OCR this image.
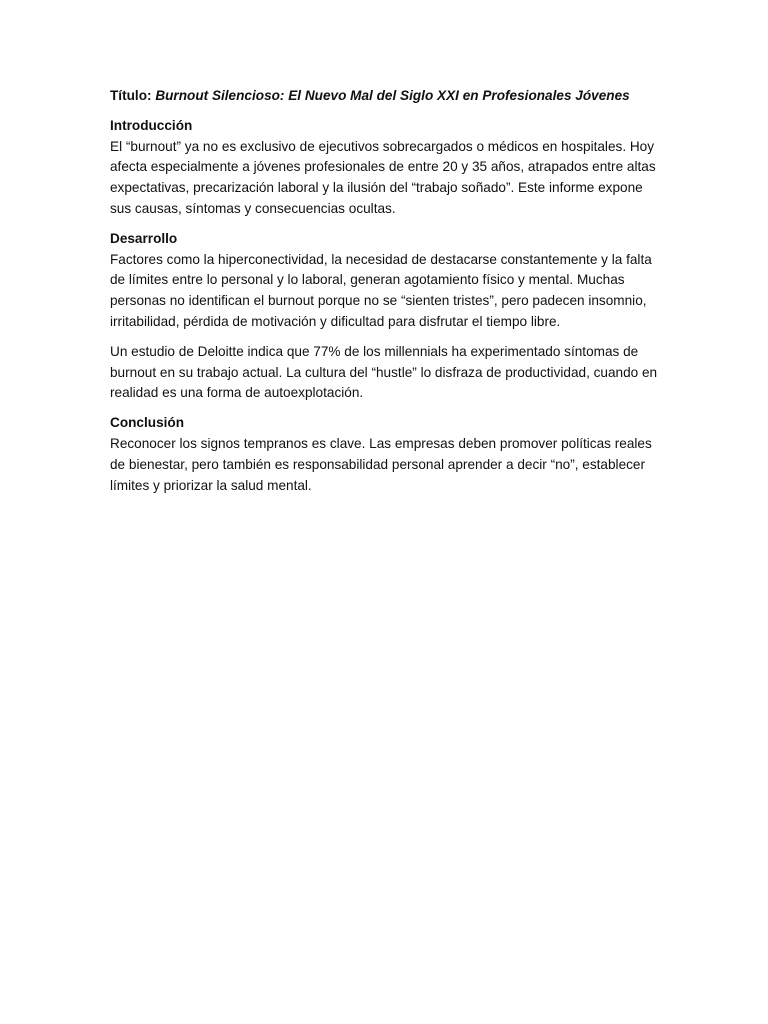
Título: Burnout Silencioso: El Nuevo Mal del Siglo XXI en Profesionales Jóvenes

Introducción

El “burnout” ya no es exclusivo de ejecutivos sobrecargados o médicos en hospitales. Hoy afecta especialmente a jóvenes profesionales de entre 20 y 35 años, atrapados entre altas expectativas, precarización laboral y la ilusión del “trabajo soñado”. Este informe expone sus causas, síntomas y consecuencias ocultas.

Desarrollo

Factores como la hiperconectividad, la necesidad de destacarse constantemente y la falta de límites entre lo personal y lo laboral, generan agotamiento físico y mental. Muchas personas no identifican el burnout porque no se “sienten tristes”, pero padecen insomnio, irritabilidad, pérdida de motivación y dificultad para disfrutar el tiempo libre.

Un estudio de Deloitte indica que 77% de los millennials ha experimentado síntomas de burnout en su trabajo actual. La cultura del “hustle” lo disfraza de productividad, cuando en realidad es una forma de autoexplotación.

Conclusión

Reconocer los signos tempranos es clave. Las empresas deben promover políticas reales de bienestar, pero también es responsabilidad personal aprender a decir “no”, establecer límites y priorizar la salud mental.
